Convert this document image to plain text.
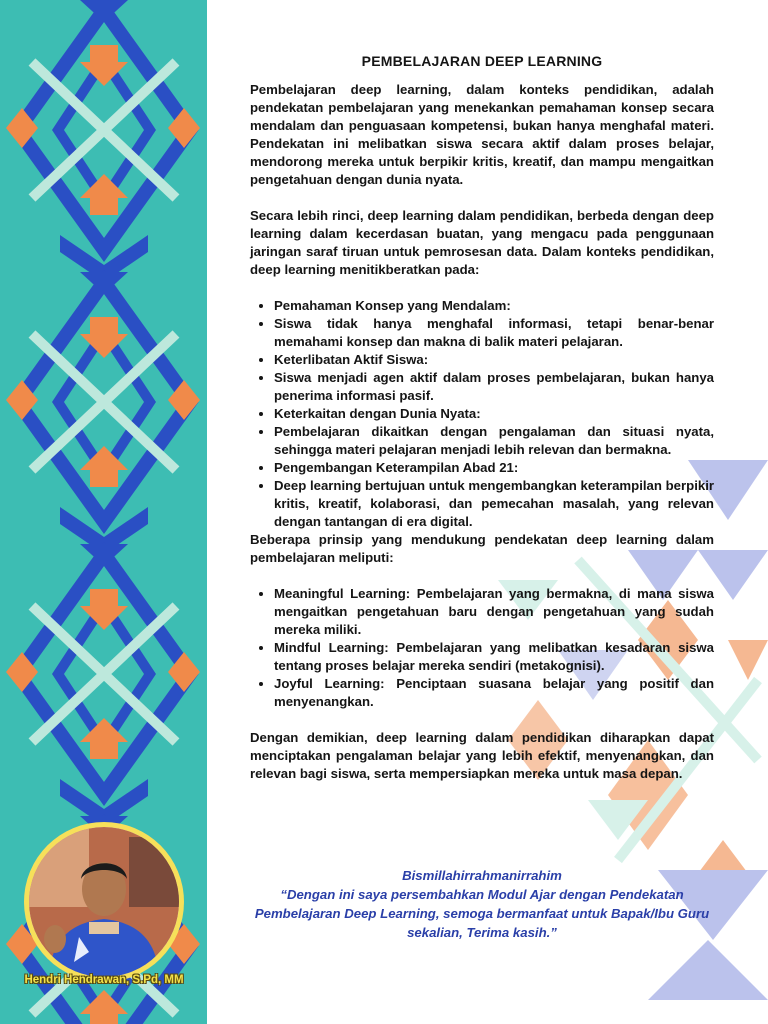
PEMBELAJARAN DEEP LEARNING

Pembelajaran deep learning, dalam konteks pendidikan, adalah pendekatan pembelajaran yang menekankan pemahaman konsep secara mendalam dan penguasaan kompetensi, bukan hanya menghafal materi. Pendekatan ini melibatkan siswa secara aktif dalam proses belajar, mendorong mereka untuk berpikir kritis, kreatif, dan mampu mengaitkan pengetahuan dengan dunia nyata.

Secara lebih rinci, deep learning dalam pendidikan, berbeda dengan deep learning dalam kecerdasan buatan, yang mengacu pada penggunaan jaringan saraf tiruan untuk pemrosesan data. Dalam konteks pendidikan, deep learning menitikberatkan pada:

• Pemahaman Konsep yang Mendalam:
• Siswa tidak hanya menghafal informasi, tetapi benar-benar memahami konsep dan makna di balik materi pelajaran.
• Keterlibatan Aktif Siswa:
• Siswa menjadi agen aktif dalam proses pembelajaran, bukan hanya penerima informasi pasif.
• Keterkaitan dengan Dunia Nyata:
• Pembelajaran dikaitkan dengan pengalaman dan situasi nyata, sehingga materi pelajaran menjadi lebih relevan dan bermakna.
• Pengembangan Keterampilan Abad 21:
• Deep learning bertujuan untuk mengembangkan keterampilan berpikir kritis, kreatif, kolaborasi, dan pemecahan masalah, yang relevan dengan tantangan di era digital.

Beberapa prinsip yang mendukung pendekatan deep learning dalam pembelajaran meliputi:

• Meaningful Learning: Pembelajaran yang bermakna, di mana siswa mengaitkan pengetahuan baru dengan pengetahuan yang sudah mereka miliki.
• Mindful Learning: Pembelajaran yang melibatkan kesadaran siswa tentang proses belajar mereka sendiri (metakognisi).
• Joyful Learning: Penciptaan suasana belajar yang positif dan menyenangkan.

Dengan demikian, deep learning dalam pendidikan diharapkan dapat menciptakan pengalaman belajar yang lebih efektif, menyenangkan, dan relevan bagi siswa, serta mempersiapkan mereka untuk masa depan.

Bismillahirrahmanirrahim
“Dengan ini saya persembahkan Modul Ajar dengan Pendekatan Pembelajaran Deep Learning, semoga bermanfaat untuk Bapak/Ibu Guru sekalian, Terima kasih.”
Hendri Hendrawan, S.Pd, MM
